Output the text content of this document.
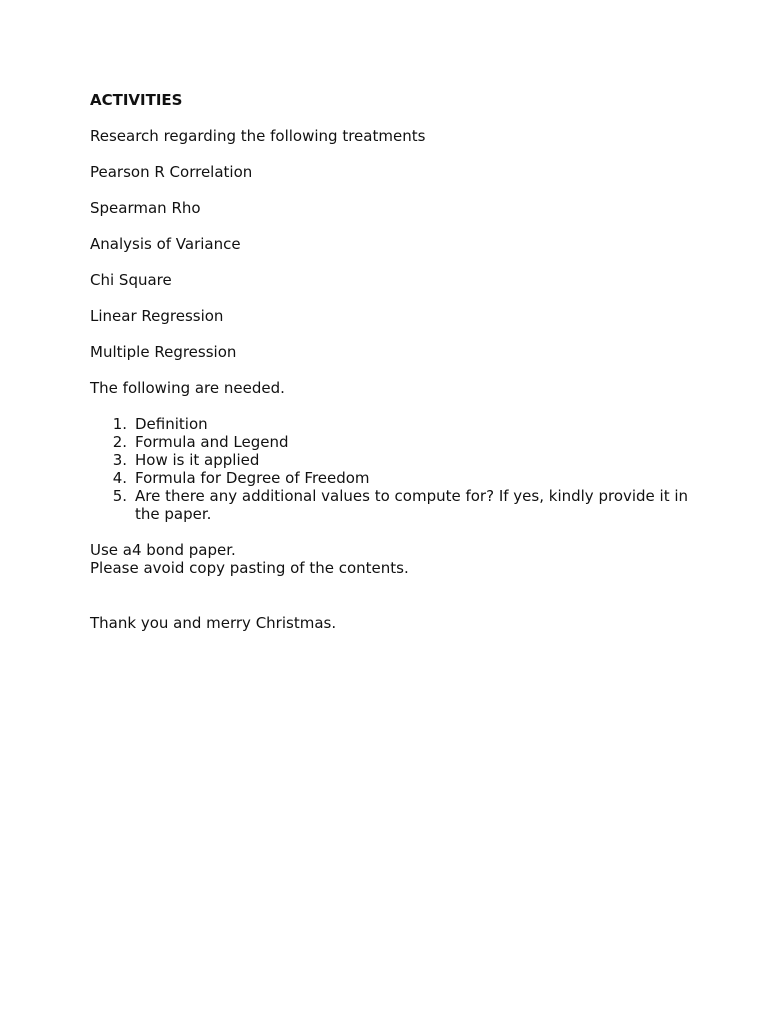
ACTIVITIES

Research regarding the following treatments

Pearson R Correlation

Spearman Rho

Analysis of Variance

Chi Square

Linear Regression

Multiple Regression

The following are needed.

1. Definition
2. Formula and Legend
3. How is it applied
4. Formula for Degree of Freedom
5. Are there any additional values to compute for? If yes, kindly provide it in the paper.

Use a4 bond paper.

Please avoid copy pasting of the contents.

Thank you and merry Christmas.
